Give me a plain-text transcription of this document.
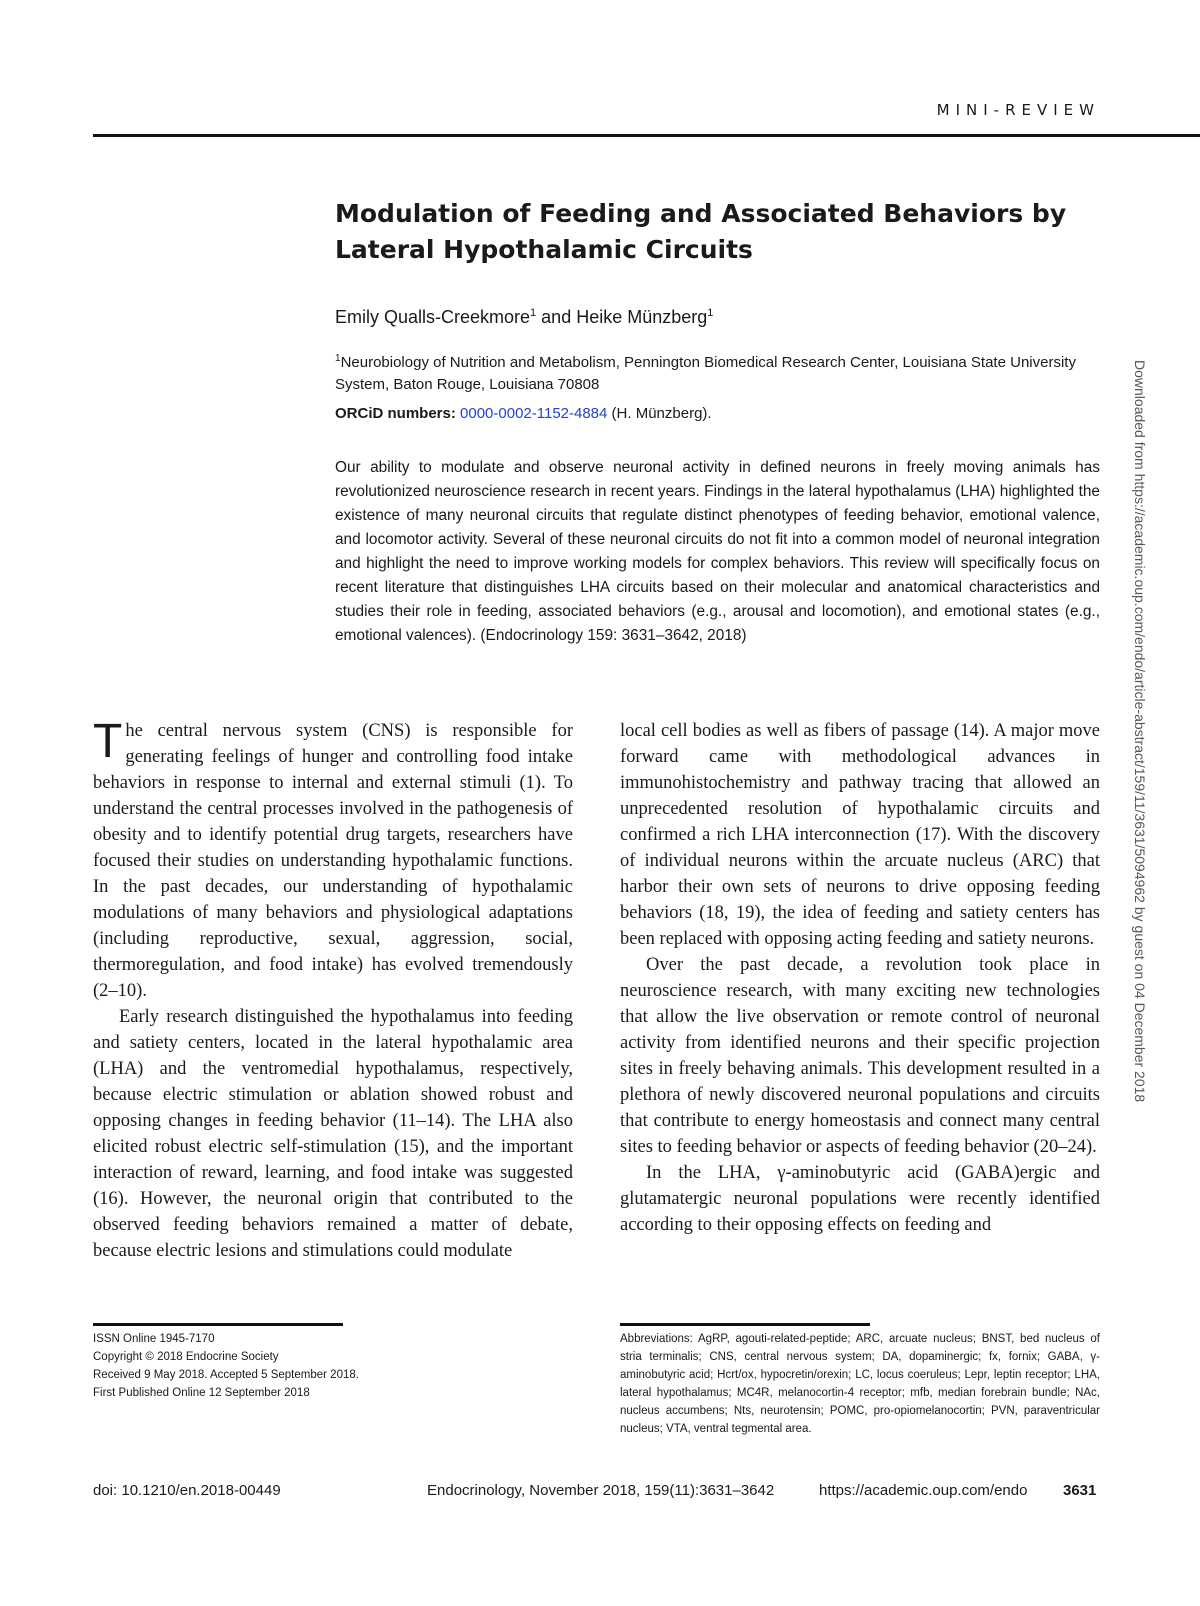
MINI-REVIEW
Modulation of Feeding and Associated Behaviors by Lateral Hypothalamic Circuits
Emily Qualls-Creekmore$^1$ and Heike Münzberg$^1$
$^1$Neurobiology of Nutrition and Metabolism, Pennington Biomedical Research Center, Louisiana State University System, Baton Rouge, Louisiana 70808
ORCiD numbers: 0000-0002-1152-4884 (H. Münzberg).
Our ability to modulate and observe neuronal activity in defined neurons in freely moving animals has revolutionized neuroscience research in recent years. Findings in the lateral hypothalamus (LHA) highlighted the existence of many neuronal circuits that regulate distinct phenotypes of feeding behavior, emotional valence, and locomotor activity. Several of these neuronal circuits do not fit into a common model of neuronal integration and highlight the need to improve working models for complex behaviors. This review will specifically focus on recent literature that distinguishes LHA circuits based on their molecular and anatomical characteristics and studies their role in feeding, associated behaviors (e.g., arousal and locomotion), and emotional states (e.g., emotional valences). (Endocrinology 159: 3631–3642, 2018)

The central nervous system (CNS) is responsible for generating feelings of hunger and controlling food intake behaviors in response to internal and external stimuli (1). To understand the central processes involved in the pathogenesis of obesity and to identify potential drug targets, researchers have focused their studies on understanding hypothalamic functions. In the past decades, our understanding of hypothalamic modulations of many behaviors and physiological adaptations (including reproductive, sexual, aggression, social, thermoregulation, and food intake) has evolved tremendously (2–10).

Early research distinguished the hypothalamus into feeding and satiety centers, located in the lateral hypothalamic area (LHA) and the ventromedial hypothalamus, respectively, because electric stimulation or ablation showed robust and opposing changes in feeding behavior (11–14). The LHA also elicited robust electric self-stimulation (15), and the important interaction of reward, learning, and food intake was suggested (16). However, the neuronal origin that contributed to the observed feeding behaviors remained a matter of debate, because electric lesions and stimulations could modulate

local cell bodies as well as fibers of passage (14). A major move forward came with methodological advances in immunohistochemistry and pathway tracing that allowed an unprecedented resolution of hypothalamic circuits and confirmed a rich LHA interconnection (17). With the discovery of individual neurons within the arcuate nucleus (ARC) that harbor their own sets of neurons to drive opposing feeding behaviors (18, 19), the idea of feeding and satiety centers has been replaced with opposing acting feeding and satiety neurons.

Over the past decade, a revolution took place in neuroscience research, with many exciting new technologies that allow the live observation or remote control of neuronal activity from identified neurons and their specific projection sites in freely behaving animals. This development resulted in a plethora of newly discovered neuronal populations and circuits that contribute to energy homeostasis and connect many central sites to feeding behavior or aspects of feeding behavior (20–24).

In the LHA, γ-aminobutyric acid (GABA)ergic and glutamatergic neuronal populations were recently identified according to their opposing effects on feeding and

ISSN Online 1945-7170
Copyright © 2018 Endocrine Society
Received 9 May 2018. Accepted 5 September 2018.
First Published Online 12 September 2018
Abbreviations: AgRP, agouti-related-peptide; ARC, arcuate nucleus; BNST, bed nucleus of stria terminalis; CNS, central nervous system; DA, dopaminergic; fx, fornix; GABA, γ-aminobutyric acid; Hcrt/ox, hypocretin/orexin; LC, locus coeruleus; Lepr, leptin receptor; LHA, lateral hypothalamus; MC4R, melanocortin-4 receptor; mfb, median forebrain bundle; NAc, nucleus accumbens; Nts, neurotensin; POMC, pro-opiomelanocortin; PVN, paraventricular nucleus; VTA, ventral tegmental area.
doi: 10.1210/en.2018-00449	Endocrinology, November 2018, 159(11):3631–3642	https://academic.oup.com/endo 3631
Downloaded from https://academic.oup.com/endo/article-abstract/159/11/3631/5094962 by guest on 04 December 2018
